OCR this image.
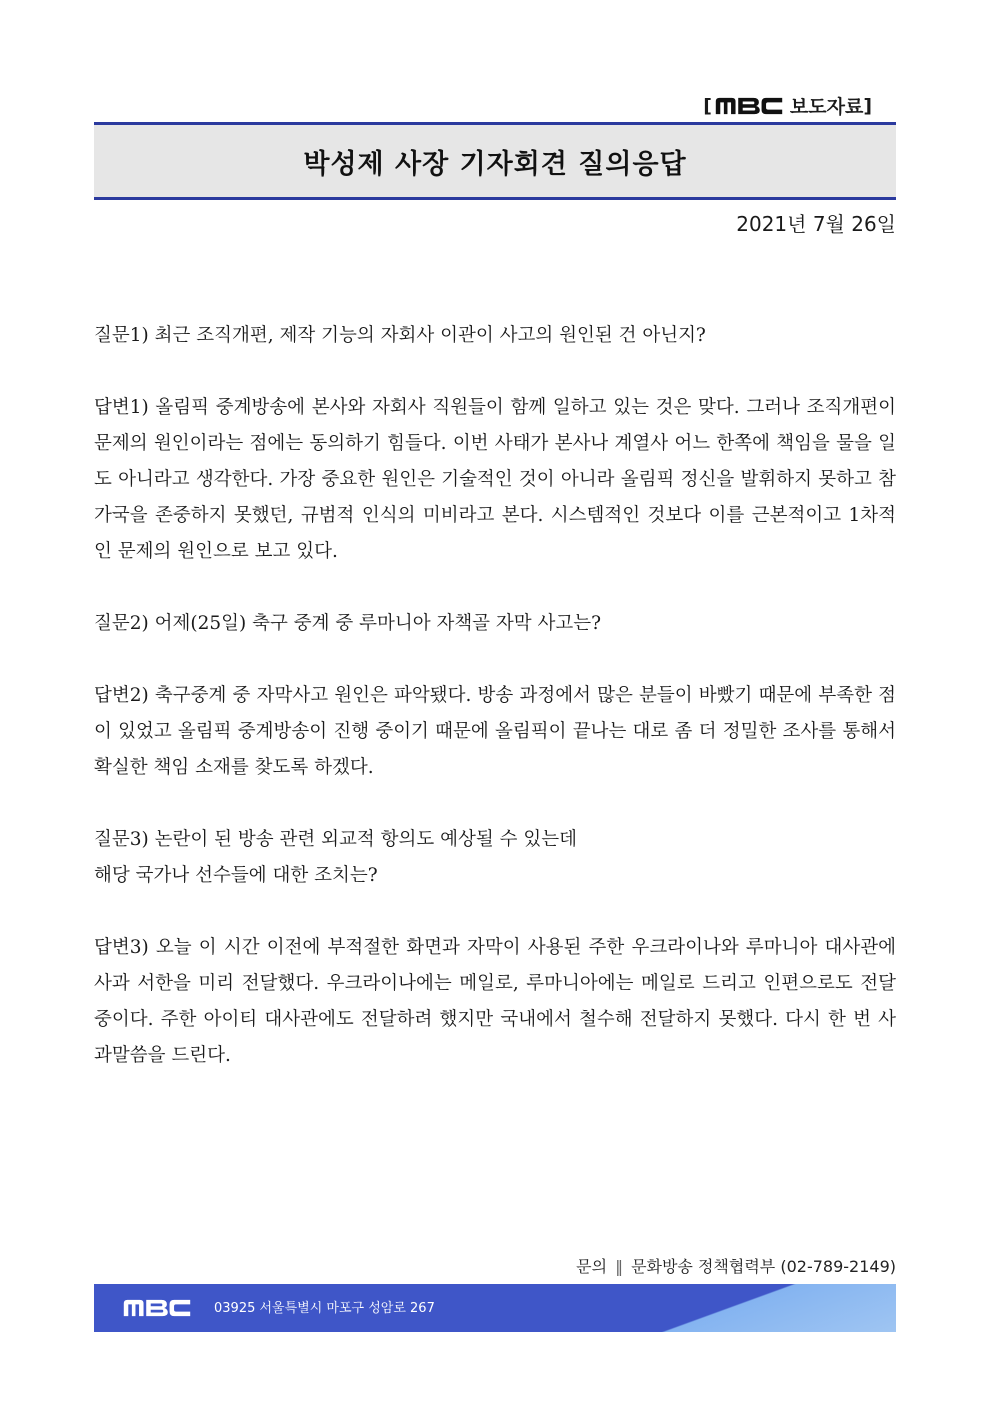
[	보도자료 ]
박성제 사장 기자회견 질의응답
2021년 7월 26일

질문1) 최근 조직개편, 제작 기능의 자회사 이관이 사고의 원인된 건 아닌지?

답변1) 올림픽 중계방송에 본사와 자회사 직원들이 함께 일하고 있는 것은 맞다. 그러나 조직개편이 문제의 원인이라는 점에는 동의하기 힘들다. 이번 사태가 본사나 계열사 어느 한쪽에 책임을 물을 일도 아니라고 생각한다. 가장 중요한 원인은 기술적인 것이 아니라 올림픽 정신을 발휘하지 못하고 참가국을 존중하지 못했던, 규범적 인식의 미비라고 본다. 시스템적인 것보다 이를 근본적이고 1차적인 문제의 원인으로 보고 있다.

질문2) 어제(25일) 축구 중계 중 루마니아 자책골 자막 사고는?

답변2) 축구중계 중 자막사고 원인은 파악됐다. 방송 과정에서 많은 분들이 바빴기 때문에 부족한 점이 있었고 올림픽 중계방송이 진행 중이기 때문에 올림픽이 끝나는 대로 좀 더 정밀한 조사를 통해서 확실한 책임 소재를 찾도록 하겠다.

질문3) 논란이 된 방송 관련 외교적 항의도 예상될 수 있는데
해당 국가나 선수들에 대한 조치는?

답변3) 오늘 이 시간 이전에 부적절한 화면과 자막이 사용된 주한 우크라이나와 루마니아 대사관에 사과 서한을 미리 전달했다. 우크라이나에는 메일로, 루마니아에는 메일로 드리고 인편으로도 전달 중이다. 주한 아이티 대사관에도 전달하려 했지만 국내에서 철수해 전달하지 못했다. 다시 한 번 사과말씀을 드린다.

문의 ‖ 문화방송 정책협력부 (02-789-2149)
03925 서울특별시 마포구 성암로 267
